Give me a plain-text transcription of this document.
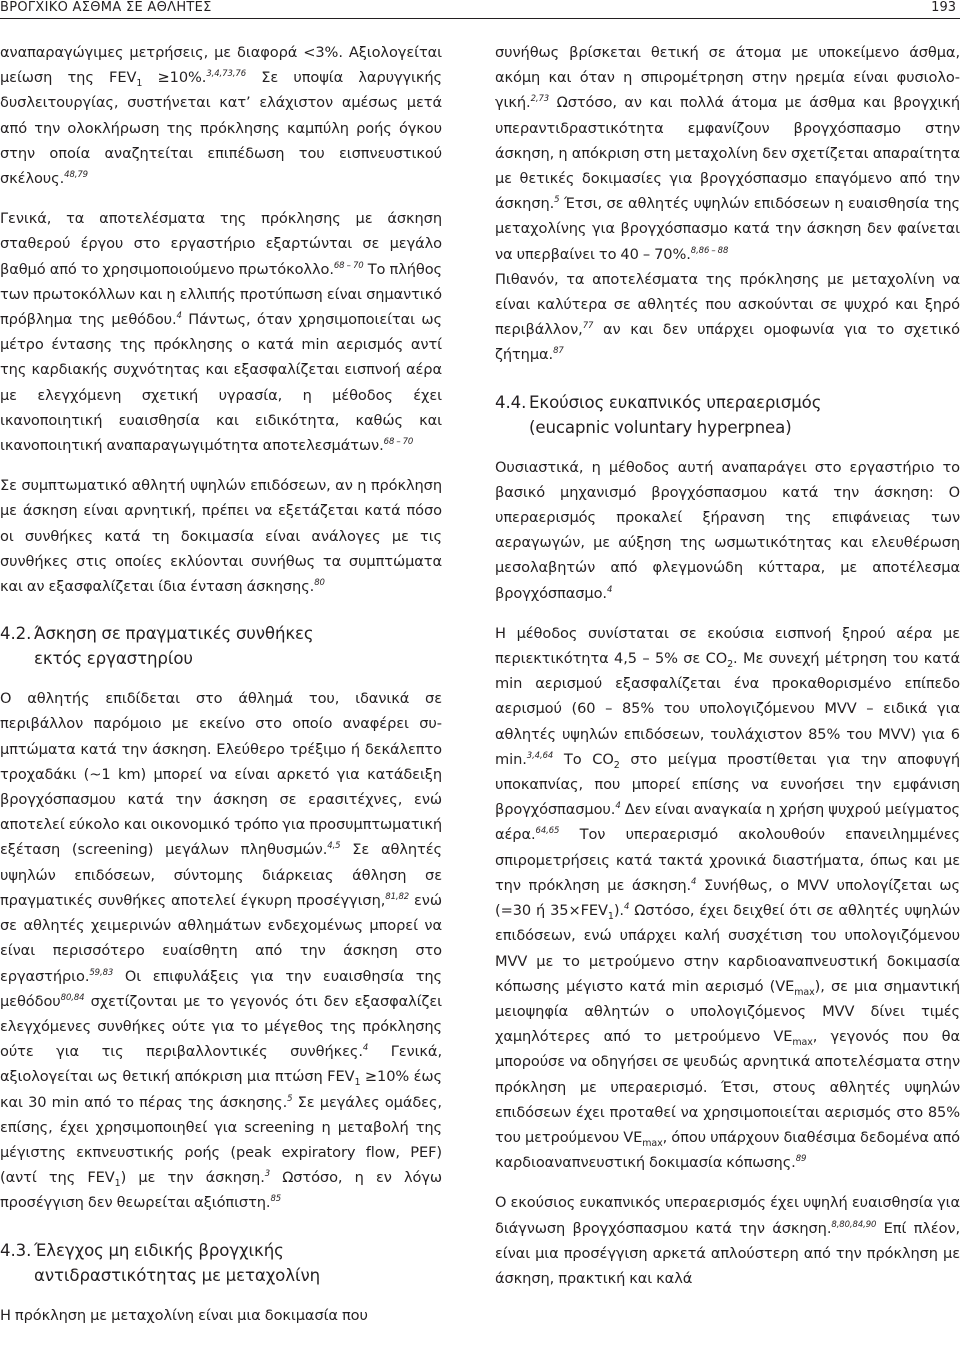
ΒΡΟΓΧΙΚΟ ΑΣΘΜΑ ΣΕ ΑΘΛΗΤΕΣ	193

αναπαραγώγιμες μετρήσεις, με διαφορά <3%. Αξιολογείται μείωση της $FEV_1 \ge 10\%.^{3,4,73,76}$ Σε υποψία λαρυγγικής δυσλειτουργίας, συστήνεται κατ’ ελάχιστον αμέσως μετά από την ολοκλήρωση της πρόκλησης καμπύλη ροής όγκου στην οποία αναζητείται επιπέδωση του εισπνευστικού σκέλους.$^{48,79}$

Γενικά, τα αποτελέσματα της πρόκλησης με άσκηση σταθερού έργου στο εργαστήριο εξαρτώνται σε μεγάλο βαθμό από το χρησιμοποιούμενο πρωτόκολλο.$^{68 - 70}$ Το πλήθος των πρωτοκόλλων και η ελλιπής προτύπωση είναι σημαντικό πρόβλημα της μεθόδου.$^4$ Πάντως, όταν χρησιμοποιείται ως μέτρο έντασης της πρόκλησης ο κατά min αερισμός αντί της καρδιακής συχνότητας και εξασφαλίζεται εισπνοή αέρα με ελεγχόμενη σχετική υγρασία, η μέθοδος έχει ικανοποιητική ευαισθησία και ειδικότητα, καθώς και ικανοποιητική αναπαραγωγιμότητα αποτελεσμάτων.$^{68 - 70}$

Σε συμπτωματικό αθλητή υψηλών επιδόσεων, αν η πρόκληση με άσκηση είναι αρνητική, πρέπει να εξετάζεται κατά πόσο οι συνθήκες κατά τη δοκιμασία είναι ανάλογες με τις συνθήκες στις οποίες εκλύονται συνήθως τα συμπτώματα και αν εξασφαλίζεται ίδια ένταση άσκησης.$^{80}$

4.2. Άσκηση σε πραγματικές συνθήκες
εκτός εργαστηρίου

Ο αθλητής επιδίδεται στο άθλημά του, ιδανικά σε περιβάλλον παρόμοιο με εκείνο στο οποίο αναφέρει συμπτώματα κατά την άσκηση. Ελεύθερο τρέξιμο ή δεκάλεπτο τροχαδάκι (~1 km) μπορεί να είναι αρκετό για κατάδειξη βρογχόσπασμου κατά την άσκηση σε ερασιτέχνες, ενώ αποτελεί εύκολο και οικονομικό τρόπο για προσυμπτωματική εξέταση (screening) μεγάλων πληθυσμών.$^{4,5}$ Σε αθλητές υψηλών επιδόσεων, σύντομης διάρκειας άθληση σε πραγματικές συνθήκες αποτελεί έγκυρη προσέγγιση,$^{81,82}$ ενώ σε αθλητές χειμερινών αθλημάτων ενδεχομένως μπορεί να είναι περισσότερο ευαίσθητη από την άσκηση στο εργαστήριο.$^{59,83}$ Οι επιφυλάξεις για την ευαισθησία της μεθόδου$^{80,84}$ σχετίζονται με το γεγονός ότι δεν εξασφαλίζει ελεγχόμενες συνθήκες ούτε για το μέγεθος της πρόκλησης ούτε για τις περιβαλλοντικές συνθήκες.$^4$ Γενικά, αξιολογείται ως θετική απόκριση μια πτώση $FEV_1 \ge 10\%$ έως και 30 min από το πέρας της άσκησης.$^5$ Σε μεγάλες ομάδες, επίσης, έχει χρησιμοποιηθεί για screening η μεταβολή της μέγιστης εκπνευστικής ροής (peak expiratory flow, PEF) (αντί της $FEV_1$) με την άσκηση.$^3$ Ωστόσο, η εν λόγω προσέγγιση δεν θεωρείται αξιόπιστη.$^{85}$

4.3. Έλεγχος μη ειδικής βρογχικής
αντιδραστικότητας με μεταχολίνη

Η πρόκληση με μεταχολίνη είναι μια δοκιμασία που

συνήθως βρίσκεται θετική σε άτομα με υποκείμενο άσθμα, ακόμη και όταν η σπιρομέτρηση στην ηρεμία είναι φυσιολογική.$^{2,73}$ Ωστόσο, αν και πολλά άτομα με άσθμα και βρογχική υπεραντιδραστικότητα εμφανίζουν βρογχόσπασμο στην άσκηση, η απόκριση στη μεταχολίνη δεν σχετίζεται απαραίτητα με θετικές δοκιμασίες για βρογχόσπασμο επαγόμενο από την άσκηση.$^5$ Έτσι, σε αθλητές υψηλών επιδόσεων η ευαισθησία της μεταχολίνης για βρογχόσπασμο κατά την άσκηση δεν φαίνεται να υπερβαίνει το 40 – 70%.$^{8,86 - 88}$

Πιθανόν, τα αποτελέσματα της πρόκλησης με μεταχολίνη να είναι καλύτερα σε αθλητές που ασκούνται σε ψυχρό και ξηρό περιβάλλον,$^{77}$ αν και δεν υπάρχει ομοφωνία για το σχετικό ζήτημα.$^{87}$

4.4. Εκούσιος ευκαπνικός υπεραερισμός
(eucapnic voluntary hyperpnea)

Ουσιαστικά, η μέθοδος αυτή αναπαράγει στο εργαστήριο το βασικό μηχανισμό βρογχόσπασμου κατά την άσκηση: Ο υπεραερισμός προκαλεί ξήρανση της επιφάνειας των αεραγωγών, με αύξηση της ωσμωτικότητας και ελευθέρωση μεσολαβητών από φλεγμονώδη κύτταρα, με αποτέλεσμα βρογχόσπασμο.$^4$

Η μέθοδος συνίσταται σε εκούσια εισπνοή ξηρού αέρα με περιεκτικότητα 4,5 – 5% σε $CO_2$. Με συνεχή μέτρηση του κατά min αερισμού εξασφαλίζεται ένα προκαθορισμένο επίπεδο αερισμού (60 – 85% του υπολογιζόμενου MVV – ειδικά για αθλητές υψηλών επιδόσεων, τουλάχιστον 85% του MVV) για 6 min.$^{3,4,64}$ Το $CO_2$ στο μείγμα προστίθεται για την αποφυγή υποκαπνίας, που μπορεί επίσης να ευνοήσει την εμφάνιση βρογχόσπασμου.$^4$ Δεν είναι αναγκαία η χρήση ψυχρού μείγματος αέρα.$^{64,65}$ Τον υπεραερισμό ακολουθούν επανειλημμένες σπιρομετρήσεις κατά τακτά χρονικά διαστήματα, όπως και με την πρόκληση με άσκηση.$^4$ Συνήθως, ο MVV υπολογίζεται ως (=30 ή $35\times FEV_1).^4$ Ωστόσο, έχει δειχθεί ότι σε αθλητές υψηλών επιδόσεων, ενώ υπάρχει καλή συσχέτιση του υπολογιζόμενου MVV με το μετρούμενο στην καρδιοαναπνευστική δοκιμασία κόπωσης μέγιστο κατά min αερισμό $(VE_{max})$, σε μια σημαντική μειοψηφία αθλητών ο υπολογιζόμενος MVV δίνει τιμές χαμηλότερες από το μετρούμενο $VE_{max}$, γεγονός που θα μπορούσε να οδηγήσει σε ψευδώς αρνητικά αποτελέσματα στην πρόκληση με υπεραερισμό. Έτσι, στους αθλητές υψηλών επιδόσεων έχει προταθεί να χρησιμοποιείται αερισμός στο 85% του μετρούμενου $VE_{max}$, όπου υπάρχουν διαθέσιμα δεδομένα από καρδιοαναπνευστική δοκιμασία κόπωσης.$^{89}$

Ο εκούσιος ευκαπνικός υπεραερισμός έχει υψηλή ευαισθησία για διάγνωση βρογχόσπασμου κατά την άσκηση.$^{8,80,84,90}$ Επί πλέον, είναι μια προσέγγιση αρκετά απλούστερη από την πρόκληση με άσκηση, πρακτική και καλά
